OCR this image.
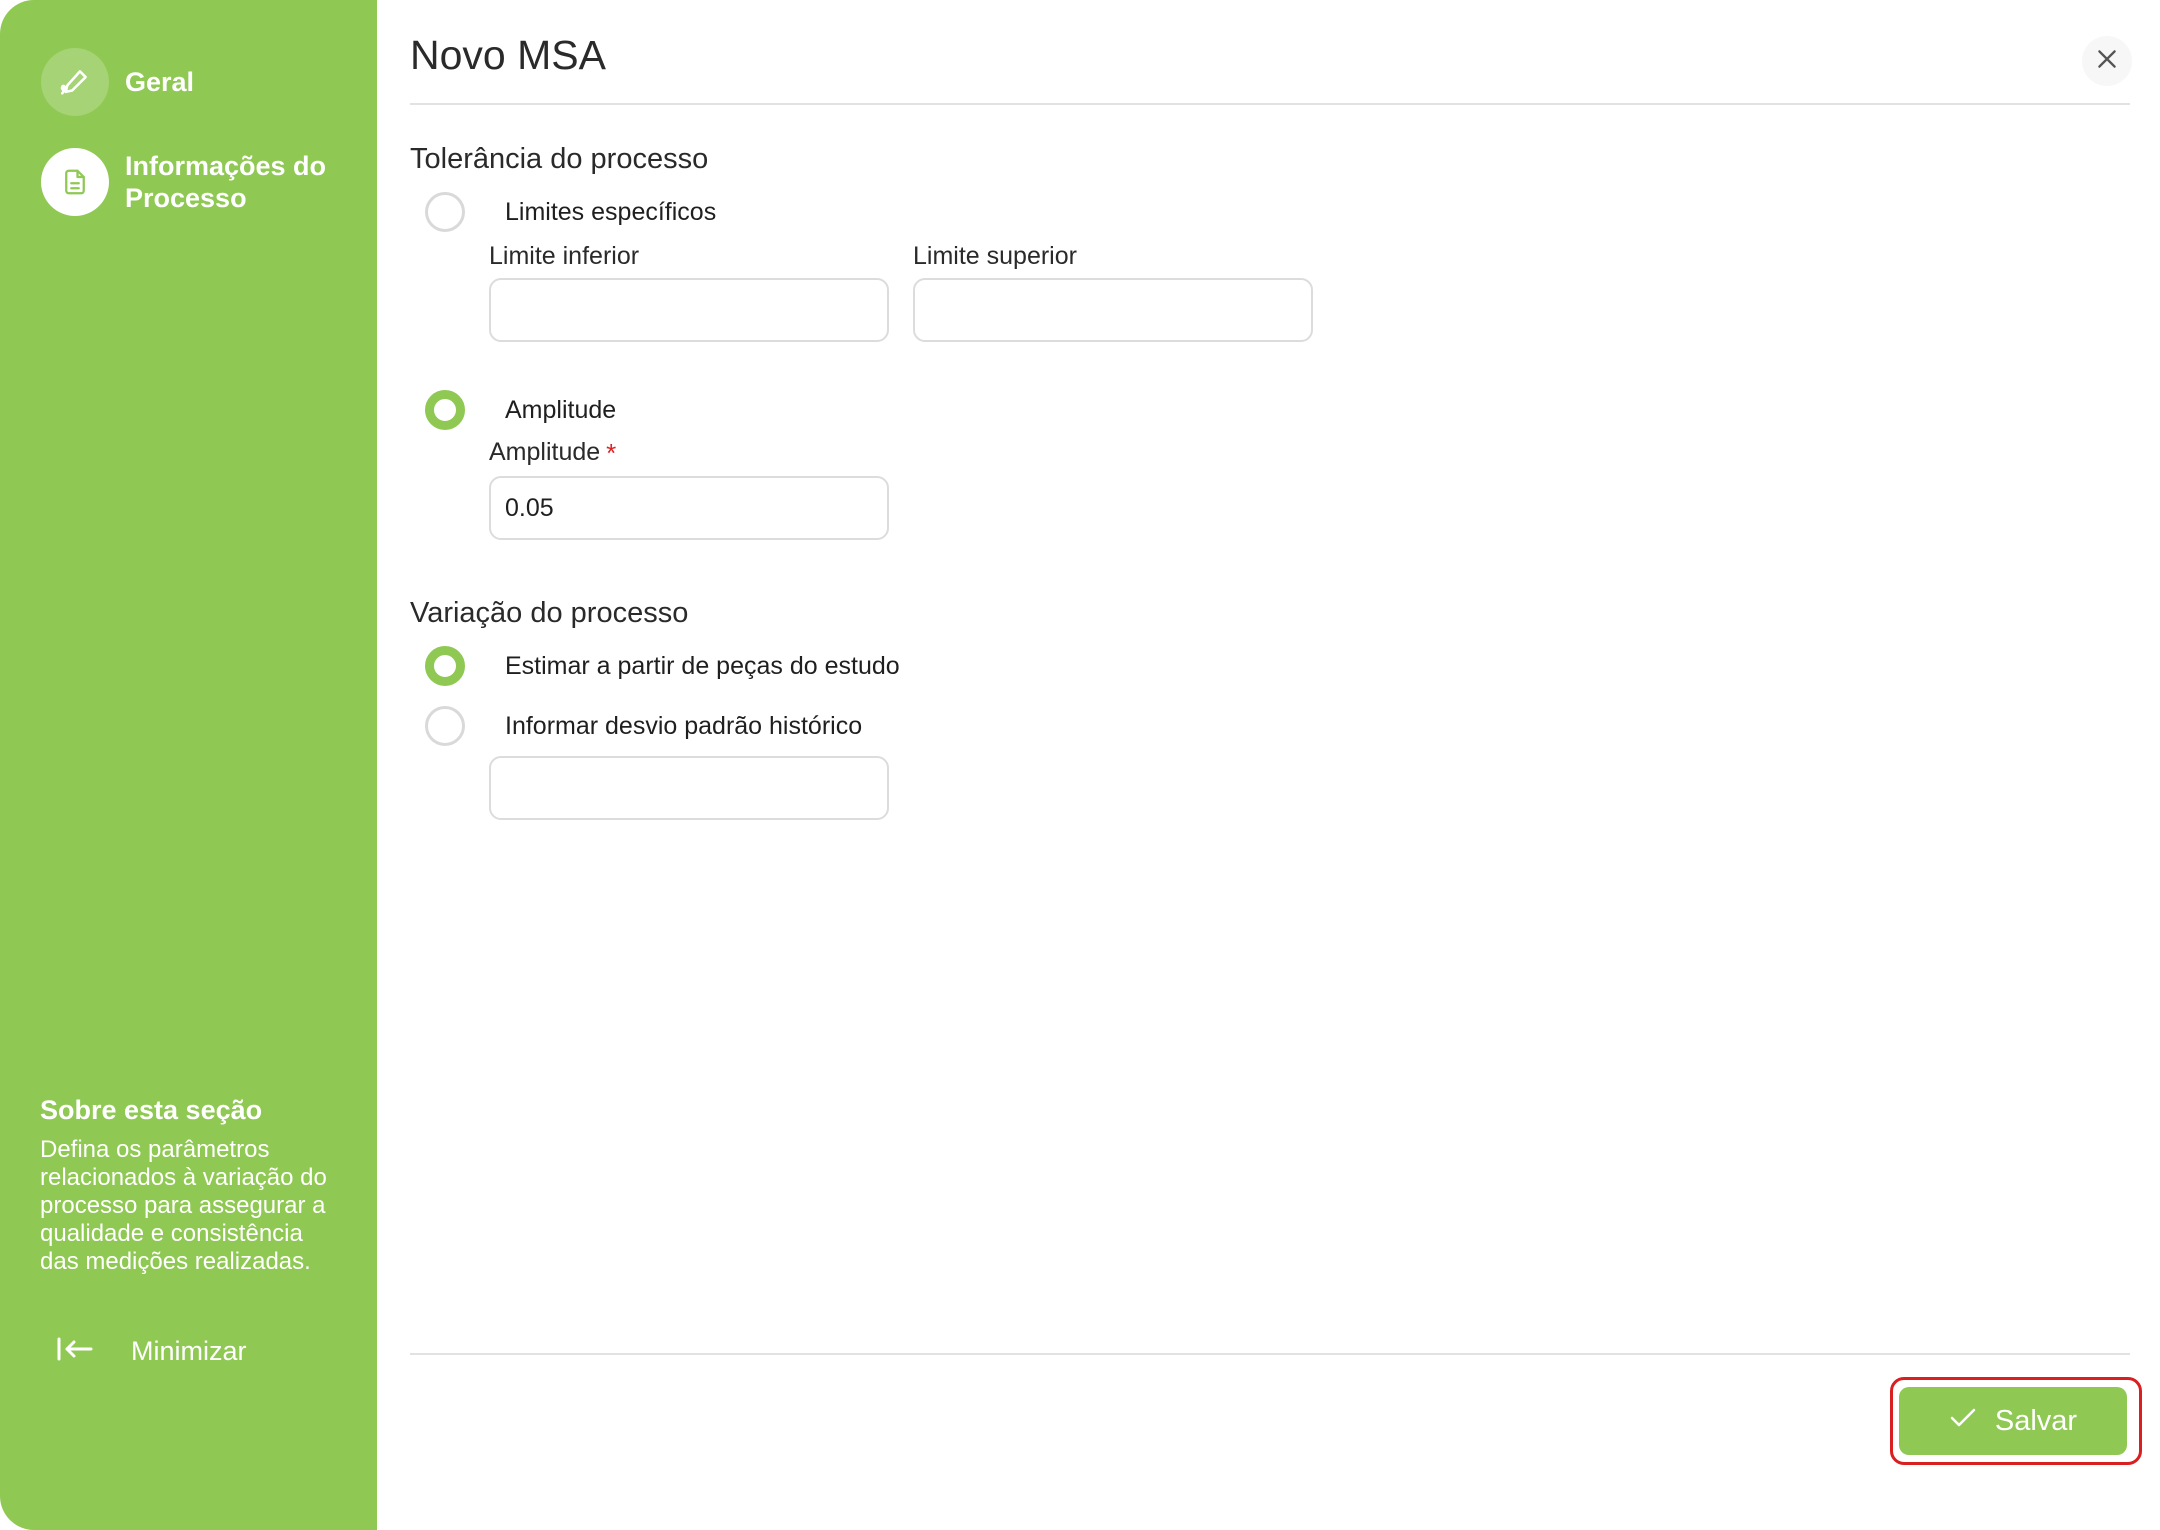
Geral
Informações do Processo
Sobre esta seção
Defina os parâmetros relacionados à variação do processo para assegurar a qualidade e consistência das medições realizadas.
Minimizar
Novo MSA
Tolerância do processo
Limites específicos
Limite inferior	Limite superior
Amplitude
Amplitude *
0.05
Variação do processo
Estimar a partir de peças do estudo
Informar desvio padrão histórico
Salvar
